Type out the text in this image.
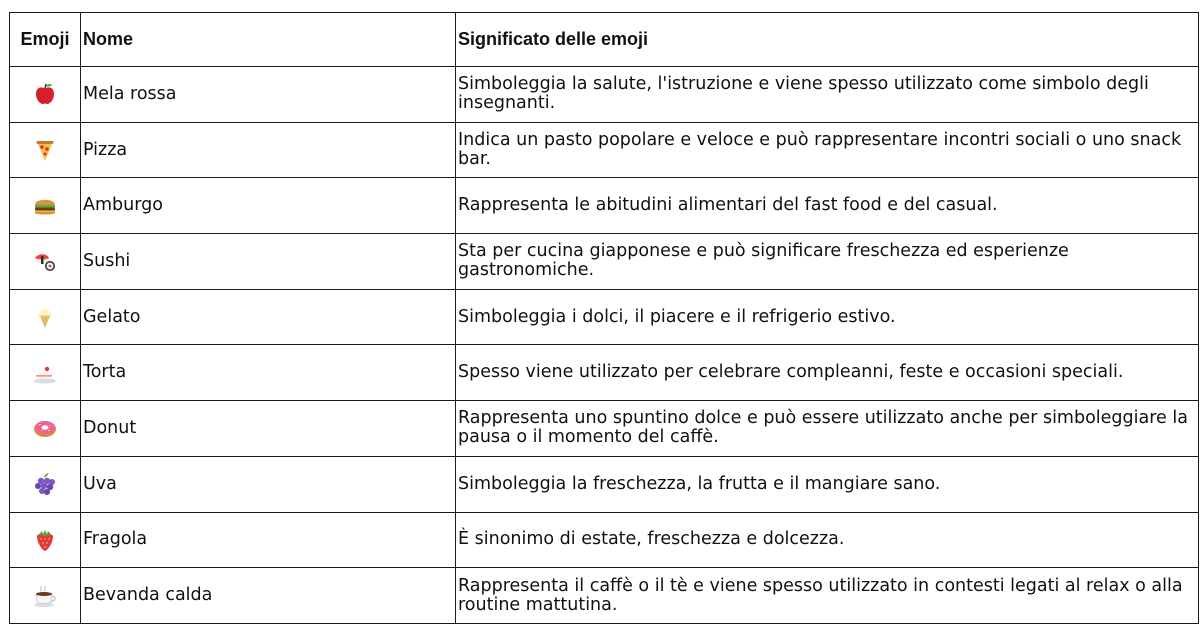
Emoji	Nome	Significato delle emoji

	Mela rossa	Simboleggia la salute, l'istruzione e viene spesso utilizzato come simbolo degli insegnanti.

	Pizza	Indica un pasto popolare e veloce e può rappresentare incontri sociali o uno snack bar.

	Amburgo	Rappresenta le abitudini alimentari del fast food e del casual.

	Sushi	Sta per cucina giapponese e può significare freschezza ed esperienze gastronomiche.

	Gelato	Simboleggia i dolci, il piacere e il refrigerio estivo.

	Torta	Spesso viene utilizzato per celebrare compleanni, feste e occasioni speciali.

	Donut	Rappresenta uno spuntino dolce e può essere utilizzato anche per simboleggiare la pausa o il momento del caffè.

	Uva	Simboleggia la freschezza, la frutta e il mangiare sano.

	Fragola	È sinonimo di estate, freschezza e dolcezza.

	Bevanda calda	Rappresenta il caffè o il tè e viene spesso utilizzato in contesti legati al relax o alla routine mattutina.
